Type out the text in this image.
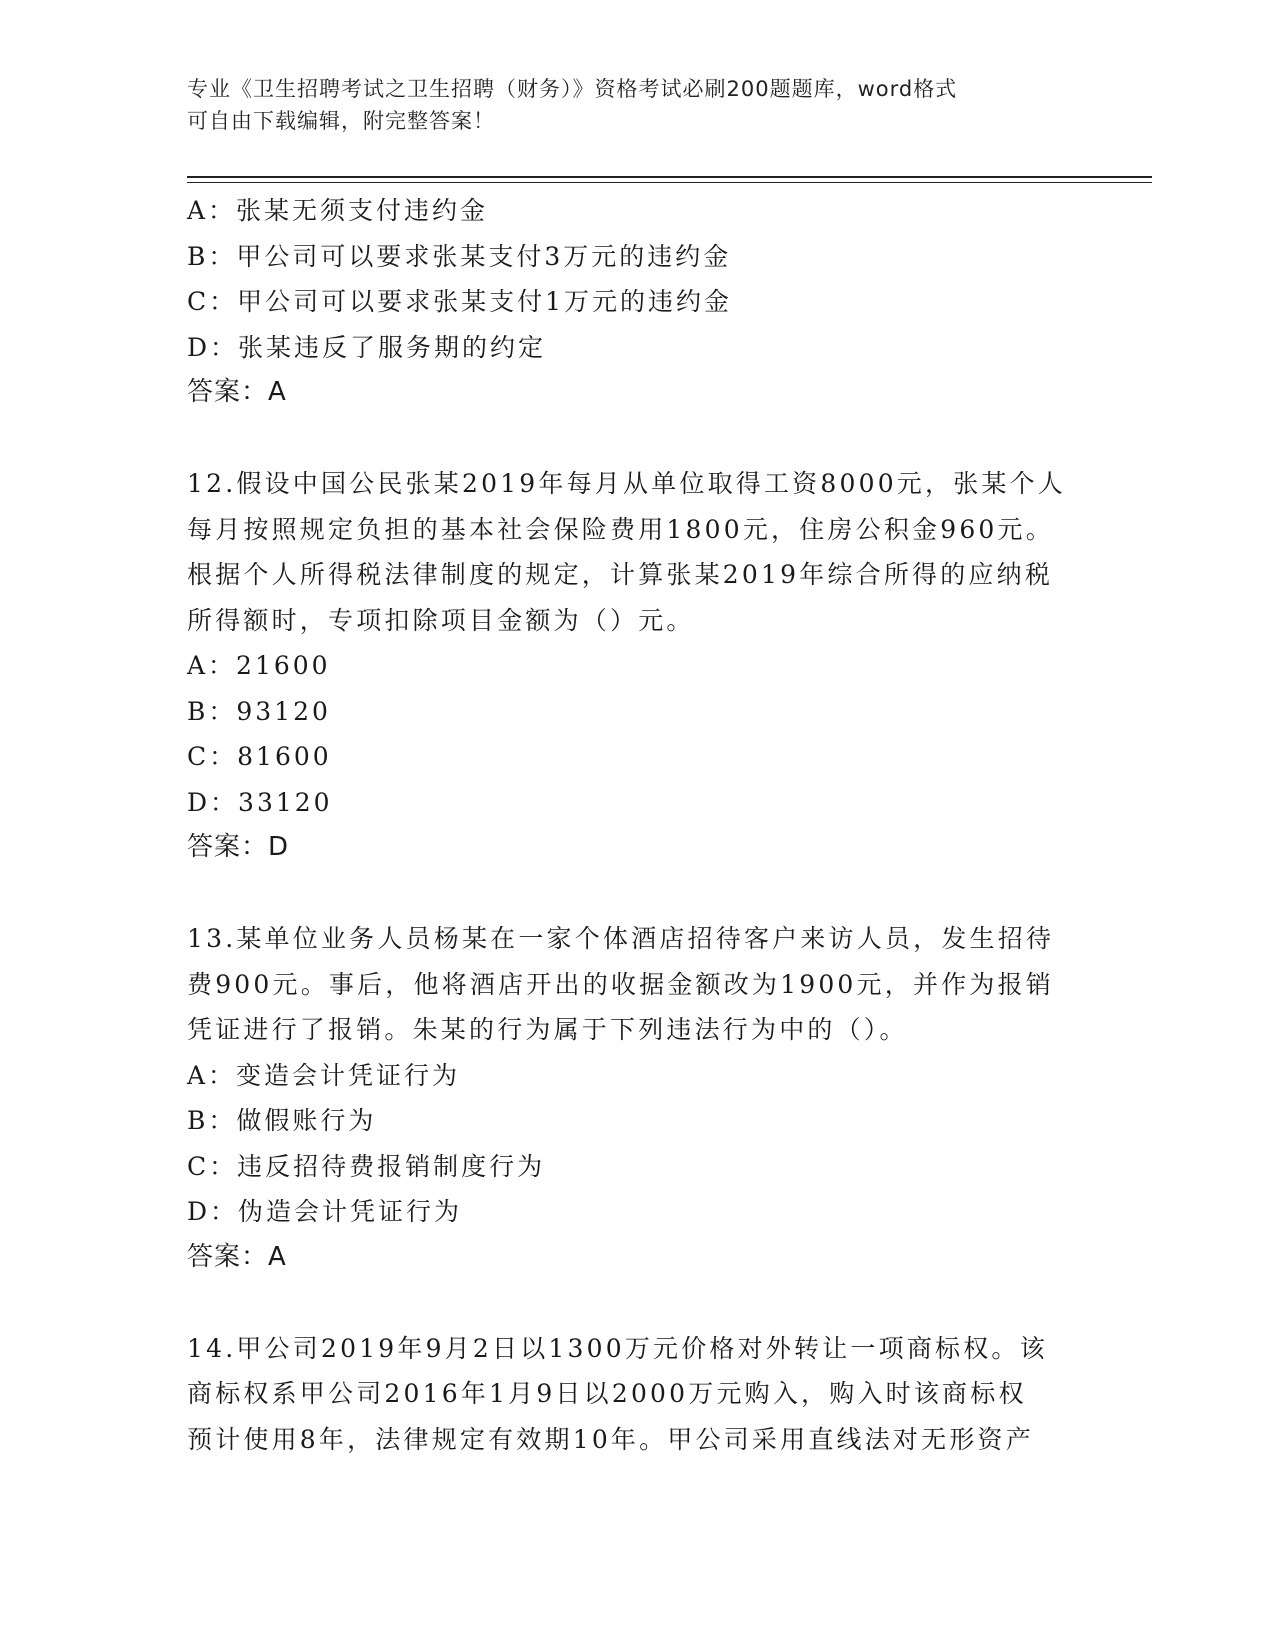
专业《卫生招聘考试之卫生招聘（财务）》资格考试必刷200题题库，word格式
可自由下载编辑，附完整答案！
A：张某无须支付违约金
B：甲公司可以要求张某支付3万元的违约金
C：甲公司可以要求张某支付1万元的违约金
D：张某违反了服务期的约定
答案：A
12.假设中国公民张某2019年每月从单位取得工资8000元，张某个人
每月按照规定负担的基本社会保险费用1800元，住房公积金960元。
根据个人所得税法律制度的规定，计算张某2019年综合所得的应纳税
所得额时，专项扣除项目金额为（）元。
A：21600
B：93120
C：81600
D：33120
答案：D
13.某单位业务人员杨某在一家个体酒店招待客户来访人员，发生招待
费900元。事后，他将酒店开出的收据金额改为1900元，并作为报销
凭证进行了报销。朱某的行为属于下列违法行为中的（）。
A：变造会计凭证行为
B：做假账行为
C：违反招待费报销制度行为
D：伪造会计凭证行为
答案：A
14.甲公司2019年9月2日以1300万元价格对外转让一项商标权。该
商标权系甲公司2016年1月9日以2000万元购入，购入时该商标权
预计使用8年，法律规定有效期10年。甲公司采用直线法对无形资产
